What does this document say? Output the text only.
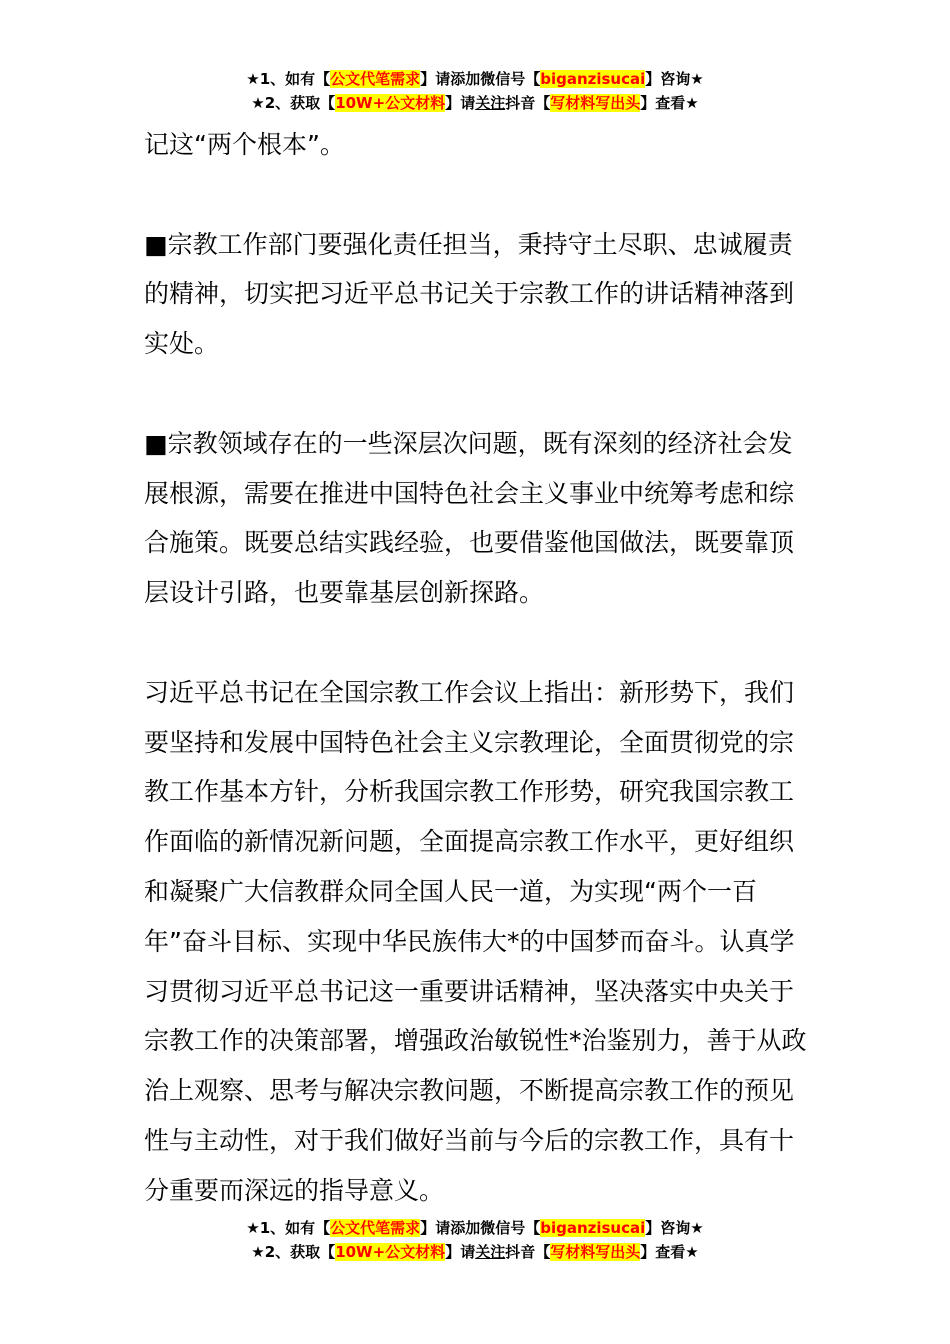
★1、如有【公文代笔需求】请添加微信号【biganzisucai】咨询★
★2、获取【10W+公文材料】请关注抖音【写材料写出头】查看★

记这“两个根本”。

■宗教工作部门要强化责任担当，秉持守土尽职、忠诚履责的精神，切实把习近平总书记关于宗教工作的讲话精神落到实处。

■宗教领域存在的一些深层次问题，既有深刻的经济社会发展根源，需要在推进中国特色社会主义事业中统筹考虑和综合施策。既要总结实践经验，也要借鉴他国做法，既要靠顶层设计引路，也要靠基层创新探路。

习近平总书记在全国宗教工作会议上指出：新形势下，我们要坚持和发展中国特色社会主义宗教理论，全面贯彻党的宗教工作基本方针，分析我国宗教工作形势，研究我国宗教工作面临的新情况新问题，全面提高宗教工作水平，更好组织和凝聚广大信教群众同全国人民一道，为实现“两个一百年”奋斗目标、实现中华民族伟大*的中国梦而奋斗。认真学习贯彻习近平总书记这一重要讲话精神，坚决落实中央关于宗教工作的决策部署，增强政治敏锐性*治鉴别力，善于从政治上观察、思考与解决宗教问题，不断提高宗教工作的预见性与主动性，对于我们做好当前与今后的宗教工作，具有十分重要而深远的指导意义。

★1、如有【公文代笔需求】请添加微信号【biganzisucai】咨询★
★2、获取【10W+公文材料】请关注抖音【写材料写出头】查看★
